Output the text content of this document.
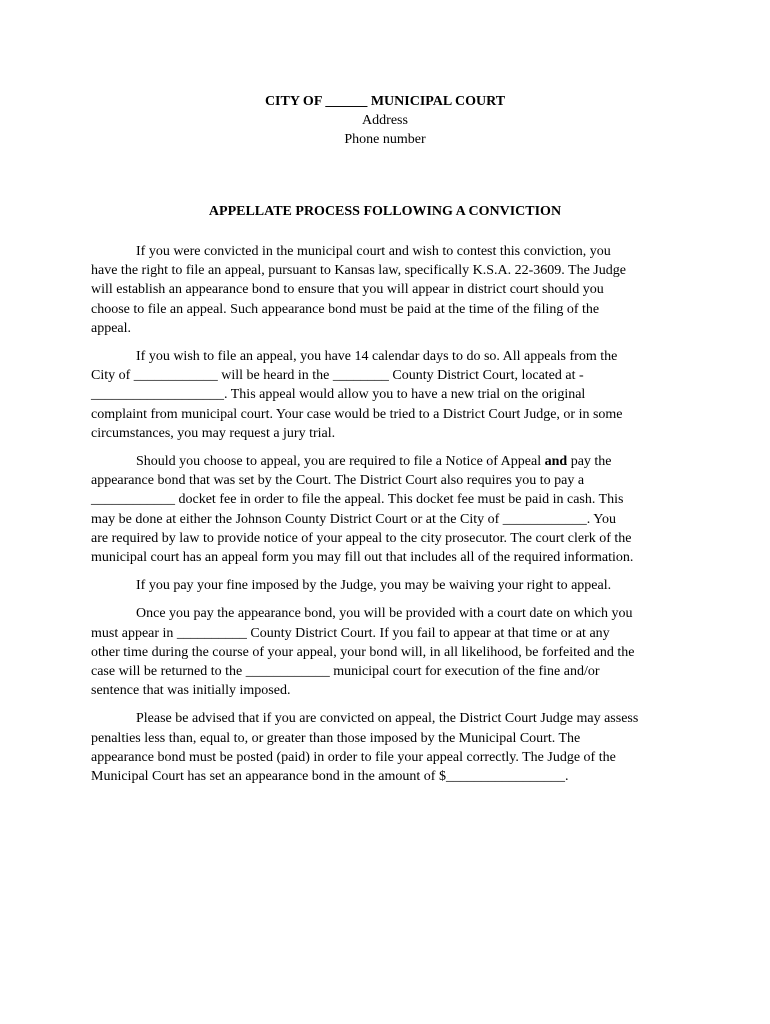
CITY OF ______ MUNICIPAL COURT
Address
Phone number
APPELLATE PROCESS FOLLOWING A CONVICTION

If you were convicted in the municipal court and wish to contest this conviction, you
have the right to file an appeal, pursuant to Kansas law, specifically K.S.A. 22-3609. The Judge
will establish an appearance bond to ensure that you will appear in district court should you
choose to file an appeal. Such appearance bond must be paid at the time of the filing of the
appeal.

If you wish to file an appeal, you have 14 calendar days to do so. All appeals from the
City of ____________ will be heard in the ________ County District Court, located at -
___________________. This appeal would allow you to have a new trial on the original
complaint from municipal court. Your case would be tried to a District Court Judge, or in some
circumstances, you may request a jury trial.

Should you choose to appeal, you are required to file a Notice of Appeal and pay the
appearance bond that was set by the Court. The District Court also requires you to pay a
____________ docket fee in order to file the appeal. This docket fee must be paid in cash. This
may be done at either the Johnson County District Court or at the City of ____________. You
are required by law to provide notice of your appeal to the city prosecutor. The court clerk of the
municipal court has an appeal form you may fill out that includes all of the required information.

If you pay your fine imposed by the Judge, you may be waiving your right to appeal.

Once you pay the appearance bond, you will be provided with a court date on which you
must appear in __________ County District Court. If you fail to appear at that time or at any
other time during the course of your appeal, your bond will, in all likelihood, be forfeited and the
case will be returned to the ____________ municipal court for execution of the fine and/or
sentence that was initially imposed.

Please be advised that if you are convicted on appeal, the District Court Judge may assess
penalties less than, equal to, or greater than those imposed by the Municipal Court. The
appearance bond must be posted (paid) in order to file your appeal correctly. The Judge of the
Municipal Court has set an appearance bond in the amount of $_________________.
